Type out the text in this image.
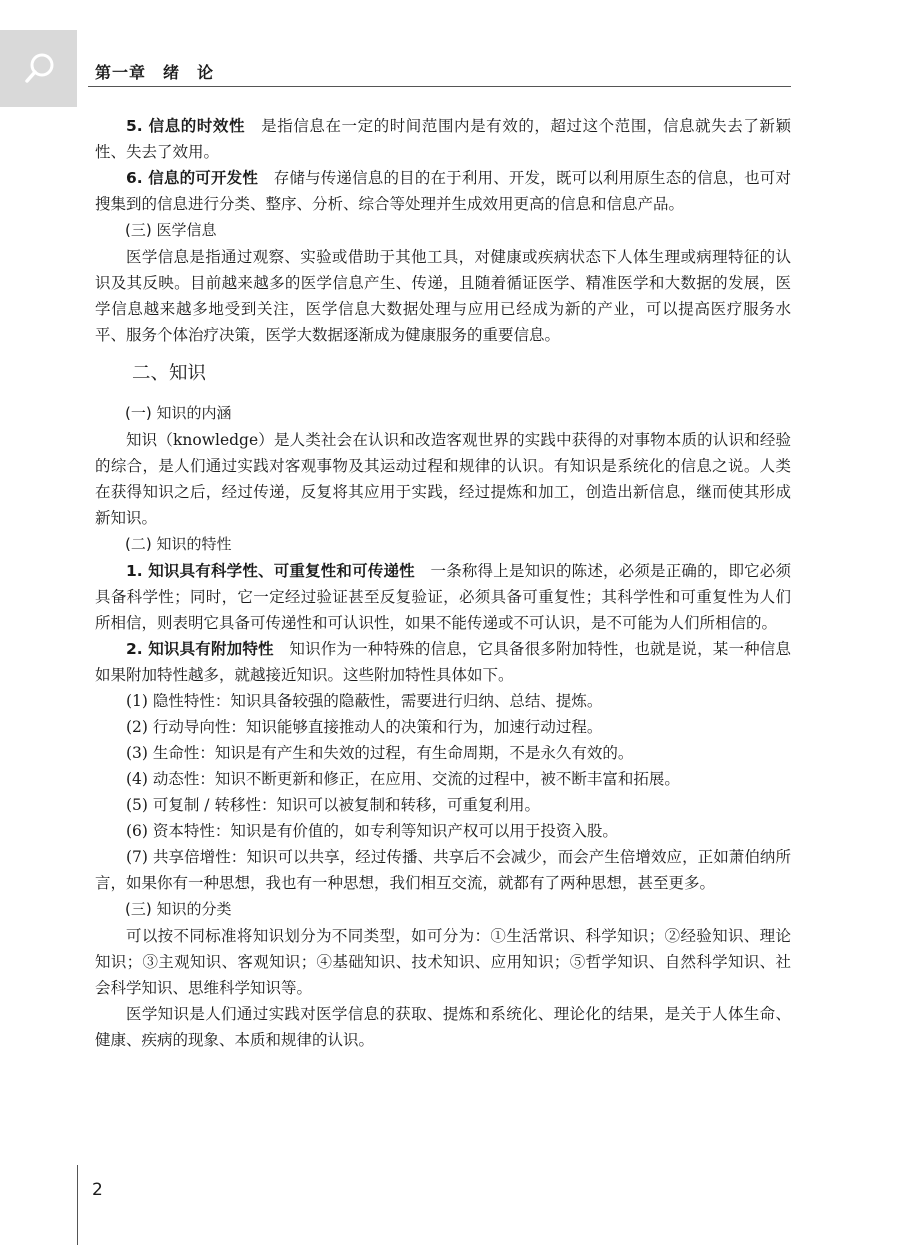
第一章　绪　论

5. 信息的时效性　 是指信息在一定的时间范围内是有效的，超过这个范围，信息就失去了新颖性、失去了效用。

6. 信息的可开发性　 存储与传递信息的目的在于利用、开发，既可以利用原生态的信息，也可对搜集到的信息进行分类、整序、分析、综合等处理并生成效用更高的信息和信息产品。

(三) 医学信息

医学信息是指通过观察、实验或借助于其他工具，对健康或疾病状态下人体生理或病理特征的认识及其反映。目前越来越多的医学信息产生、传递，且随着循证医学、精准医学和大数据的发展，医学信息越来越多地受到关注，医学信息大数据处理与应用已经成为新的产业，可以提高医疗服务水平、服务个体治疗决策，医学大数据逐渐成为健康服务的重要信息。

二、知识
(一) 知识的内涵

知识（knowledge）是人类社会在认识和改造客观世界的实践中获得的对事物本质的认识和经验的综合，是人们通过实践对客观事物及其运动过程和规律的认识。有知识是系统化的信息之说。人类在获得知识之后，经过传递，反复将其应用于实践，经过提炼和加工，创造出新信息，继而使其形成新知识。

(二) 知识的特性

1. 知识具有科学性、可重复性和可传递性　 一条称得上是知识的陈述，必须是正确的，即它必须具备科学性；同时，它一定经过验证甚至反复验证，必须具备可重复性；其科学性和可重复性为人们所相信，则表明它具备可传递性和可认识性，如果不能传递或不可认识，是不可能为人们所相信的。

2. 知识具有附加特性　 知识作为一种特殊的信息，它具备很多附加特性，也就是说，某一种信息如果附加特性越多，就越接近知识。这些附加特性具体如下。

(1) 隐性特性：知识具备较强的隐蔽性，需要进行归纳、总结、提炼。

(2) 行动导向性：知识能够直接推动人的决策和行为，加速行动过程。

(3) 生命性：知识是有产生和失效的过程，有生命周期，不是永久有效的。

(4) 动态性：知识不断更新和修正，在应用、交流的过程中，被不断丰富和拓展。

(5) 可复制 / 转移性：知识可以被复制和转移，可重复利用。

(6) 资本特性：知识是有价值的，如专利等知识产权可以用于投资入股。

(7) 共享倍增性：知识可以共享，经过传播、共享后不会减少，而会产生倍增效应，正如萧伯纳所言，如果你有一种思想，我也有一种思想，我们相互交流，就都有了两种思想，甚至更多。

(三) 知识的分类

可以按不同标准将知识划分为不同类型，如可分为：①生活常识、科学知识；②经验知识、理论知识；③主观知识、客观知识；④基础知识、技术知识、应用知识；⑤哲学知识、自然科学知识、社会科学知识、思维科学知识等。

医学知识是人们通过实践对医学信息的获取、提炼和系统化、理论化的结果，是关于人体生命、健康、疾病的现象、本质和规律的认识。

2
